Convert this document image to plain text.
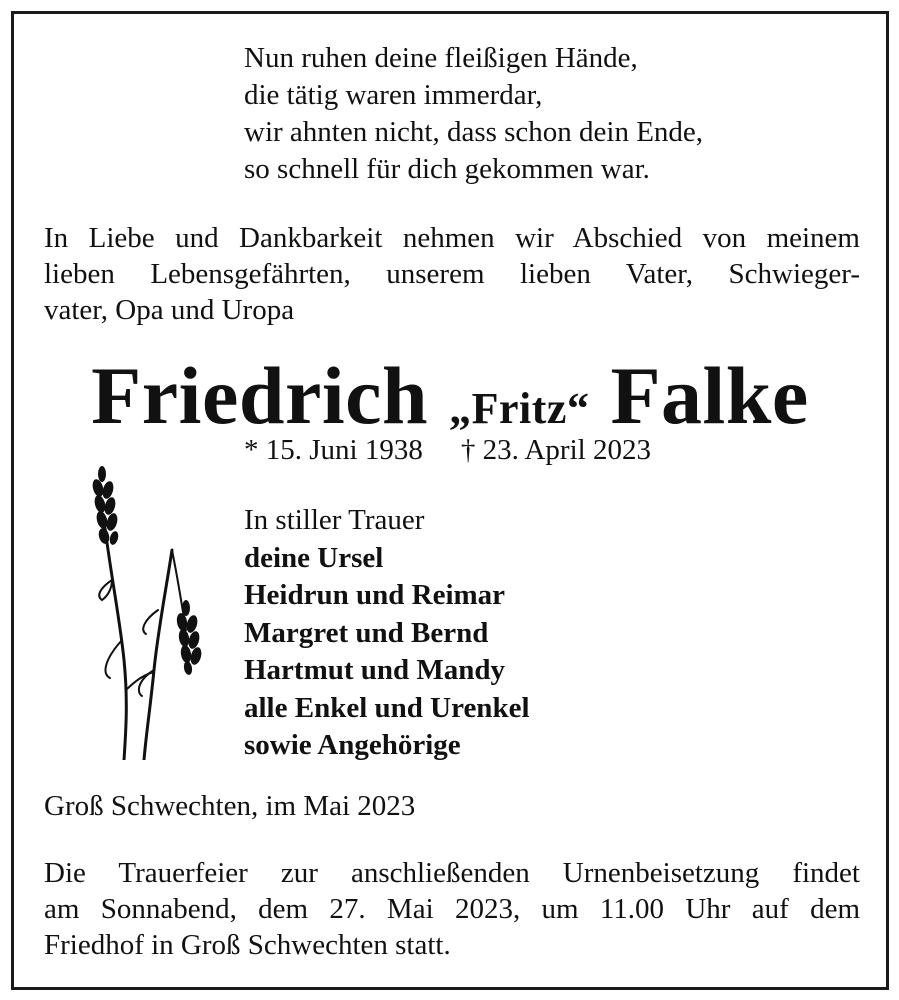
Nun ruhen deine fleißigen Hände,
die tätig waren immerdar,
wir ahnten nicht, dass schon dein Ende,
so schnell für dich gekommen war.
In Liebe und Dankbarkeit nehmen wir Abschied von meinem
lieben Lebensgefährten, unserem lieben Vater, Schwieger-
vater, Opa und Uropa
Friedrich „Fritz“ Falke
* 15. Juni 1938 † 23. April 2023
In stiller Trauer
deine Ursel
Heidrun und Reimar
Margret und Bernd
Hartmut und Mandy
alle Enkel und Urenkel
sowie Angehörige
Groß Schwechten, im Mai 2023
Die Trauerfeier zur anschließenden Urnenbeisetzung findet
am Sonnabend, dem 27. Mai 2023, um 11.00 Uhr auf dem
Friedhof in Groß Schwechten statt.
